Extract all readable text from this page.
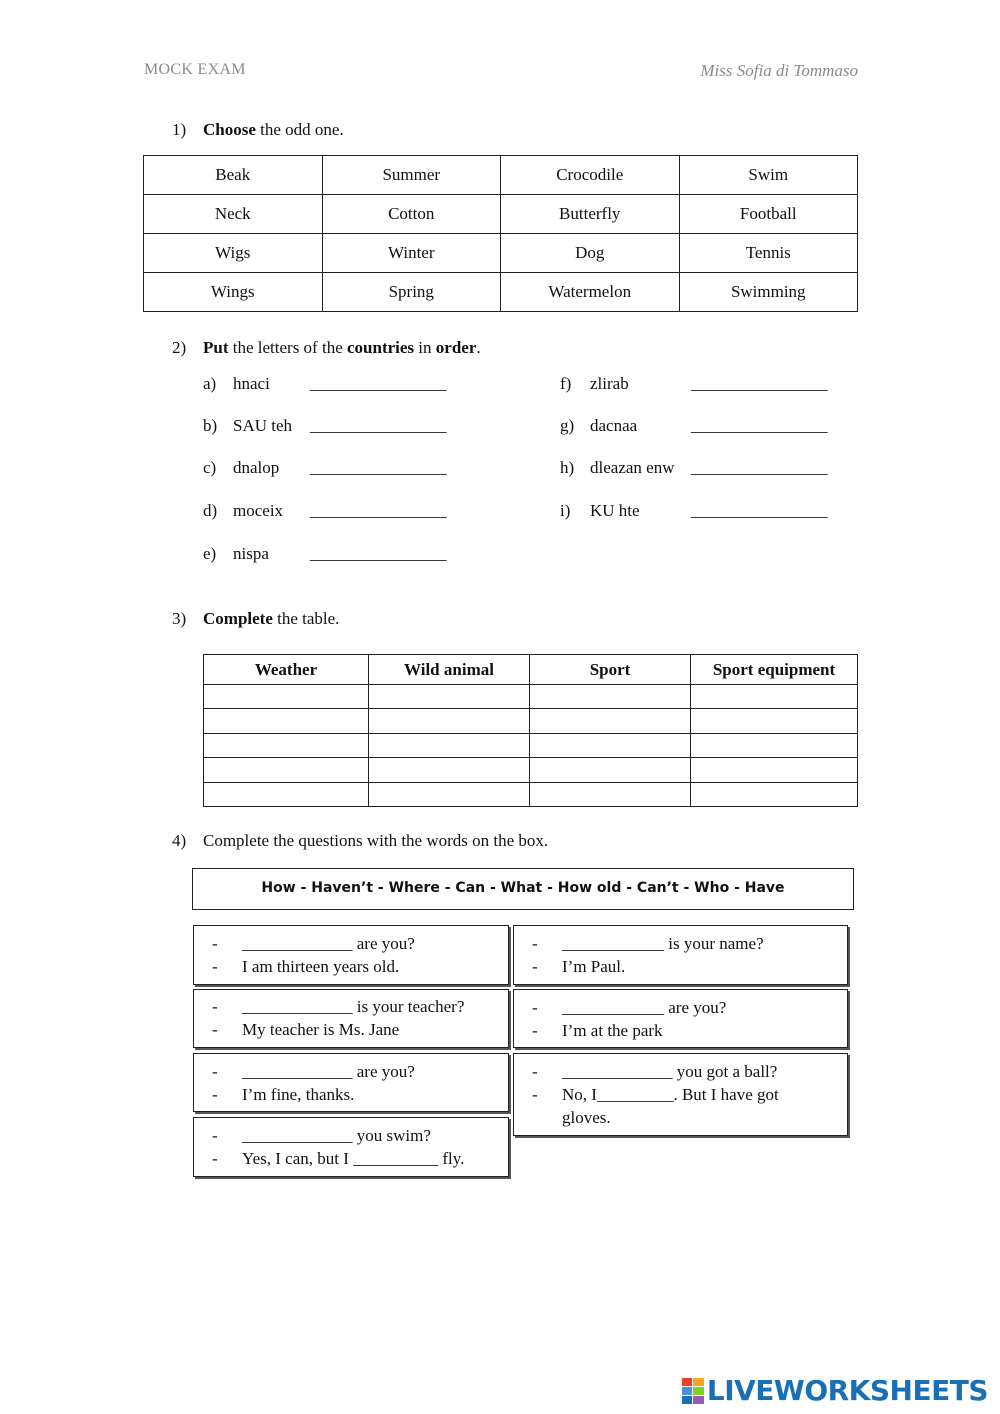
MOCK EXAM	Miss Sofia di Tommaso
1) Choose the odd one.
Beak	Summer	Crocodile	Swim
Neck	Cotton	Butterfly	Football
Wigs	Winter	Dog	Tennis
Wings	Spring	Watermelon	Swimming
2) Put the letters of the countries in order.
a) hnaci _________________
b) SAU teh _________________
c) dnalop _________________
d) moceix _________________
e) nispa _________________
f) zlirab	_________________
g) dacnaa	_________________
h) dleazan enw _________________
i) KU hte	_________________
3) Complete the table.
Weather	Wild animal	Sport	Sport equipment

4) Complete the questions with the words on the box.
How - Haven’t - Where - Can - What - How old - Can’t - Who - Have
- _____________ are you?
- I am thirteen years old.
- _____________ is your teacher?
- My teacher is Ms. Jane
- _____________ are you?
- I’m fine, thanks.
- _____________ you swim?
- Yes, I can, but I __________ fly.
- ____________ is your name?
- I’m Paul.
- ____________ are you?
- I’m at the park
- _____________ you got a ball?
- No, I_________. But I have got gloves.
LIVEWORKSHEETS
